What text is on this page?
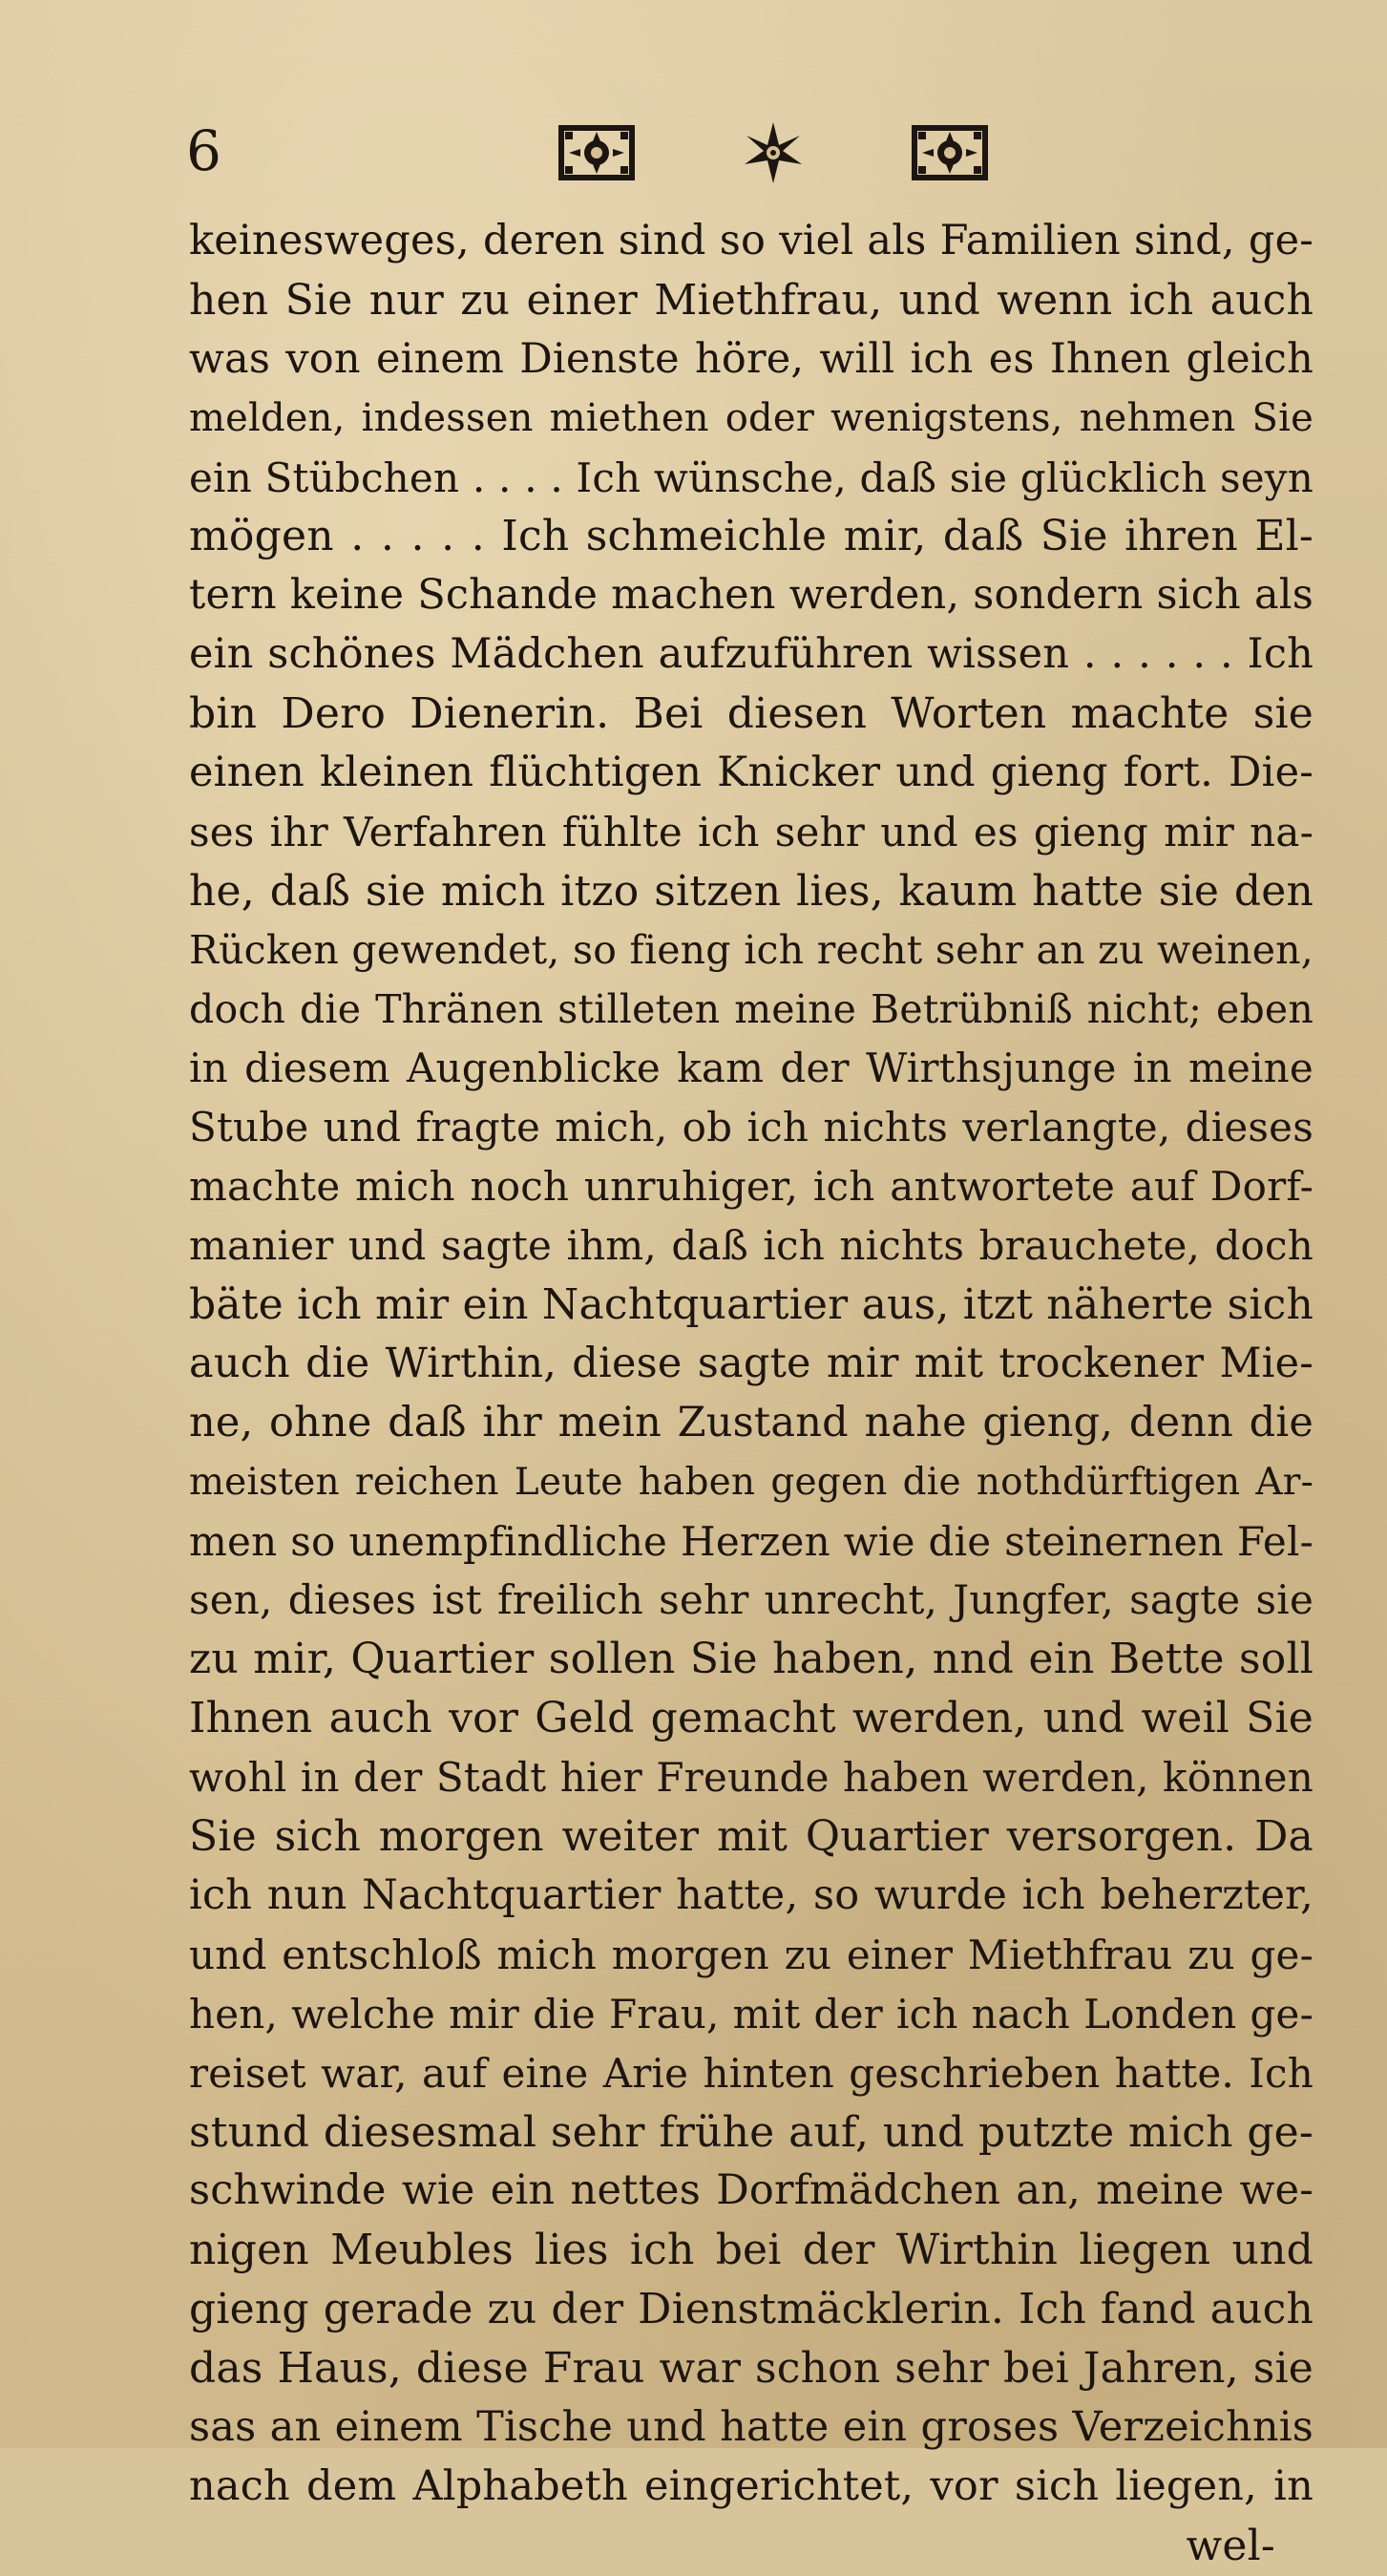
6
keinesweges, deren sind so viel als Familien sind, ge-
hen Sie nur zu einer Miethfrau, und wenn ich auch
was von einem Dienste höre, will ich es Ihnen gleich
melden, indessen miethen oder wenigstens, nehmen Sie
ein Stübchen . . . . Ich wünsche, daß sie glücklich seyn
mögen . . . . . Ich schmeichle mir, daß Sie ihren El-
tern keine Schande machen werden, sondern sich als
ein schönes Mädchen aufzuführen wissen . . . . . . Ich
bin Dero Dienerin. Bei diesen Worten machte sie
einen kleinen flüchtigen Knicker und gieng fort. Die-
ses ihr Verfahren fühlte ich sehr und es gieng mir na-
he, daß sie mich itzo sitzen lies, kaum hatte sie den
Rücken gewendet, so fieng ich recht sehr an zu weinen,
doch die Thränen stilleten meine Betrübniß nicht; eben
in diesem Augenblicke kam der Wirthsjunge in meine
Stube und fragte mich, ob ich nichts verlangte, dieses
machte mich noch unruhiger, ich antwortete auf Dorf-
manier und sagte ihm, daß ich nichts brauchete, doch
bäte ich mir ein Nachtquartier aus, itzt näherte sich
auch die Wirthin, diese sagte mir mit trockener Mie-
ne, ohne daß ihr mein Zustand nahe gieng, denn die
meisten reichen Leute haben gegen die nothdürftigen Ar-
men so unempfindliche Herzen wie die steinernen Fel-
sen, dieses ist freilich sehr unrecht, Jungfer, sagte sie
zu mir, Quartier sollen Sie haben, nnd ein Bette soll
Ihnen auch vor Geld gemacht werden, und weil Sie
wohl in der Stadt hier Freunde haben werden, können
Sie sich morgen weiter mit Quartier versorgen. Da
ich nun Nachtquartier hatte, so wurde ich beherzter,
und entschloß mich morgen zu einer Miethfrau zu ge-
hen, welche mir die Frau, mit der ich nach Londen ge-
reiset war, auf eine Arie hinten geschrieben hatte. Ich
stund diesesmal sehr frühe auf, und putzte mich ge-
schwinde wie ein nettes Dorfmädchen an, meine we-
nigen Meubles lies ich bei der Wirthin liegen und
gieng gerade zu der Dienstmäcklerin. Ich fand auch
das Haus, diese Frau war schon sehr bei Jahren, sie
sas an einem Tische und hatte ein groses Verzeichnis
nach dem Alphabeth eingerichtet, vor sich liegen, in
wel-
